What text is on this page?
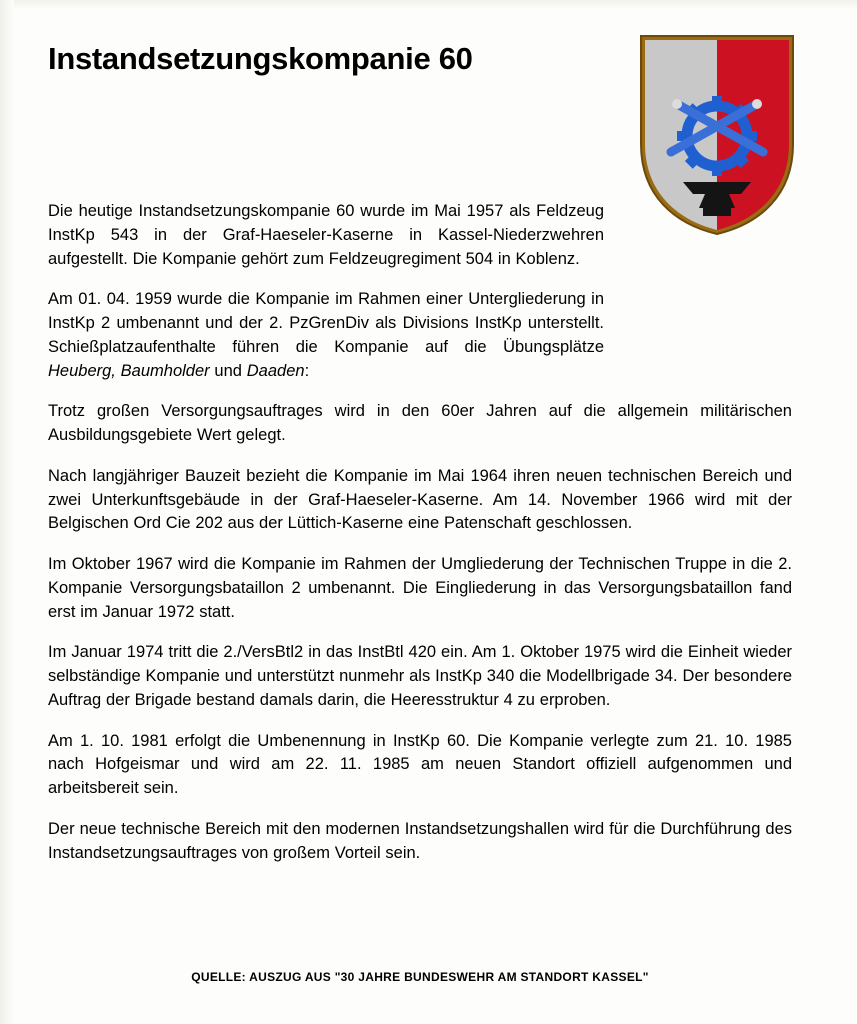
Instandsetzungskompanie 60

Die heutige Instandsetzungskompanie 60 wurde im Mai 1957 als Feldzeug InstKp 543 in der Graf-Haeseler-Kaserne in Kassel-Niederzwehren aufgestellt. Die Kompanie gehört zum Feldzeugregiment 504 in Koblenz.

Am 01. 04. 1959 wurde die Kompanie im Rahmen einer Untergliederung in InstKp 2 umbenannt und der 2. PzGrenDiv als Divisions InstKp unterstellt. Schießplatzaufenthalte führen die Kompanie auf die Übungsplätze Heuberg, Baumholder und Daaden:

Trotz großen Versorgungsauftrages wird in den 60er Jahren auf die allgemein militärischen Ausbildungsgebiete Wert gelegt.

Nach langjähriger Bauzeit bezieht die Kompanie im Mai 1964 ihren neuen technischen Bereich und zwei Unterkunftsgebäude in der Graf-Haeseler-Kaserne. Am 14. November 1966 wird mit der Belgischen Ord Cie 202 aus der Lüttich-Kaserne eine Patenschaft geschlossen.

Im Oktober 1967 wird die Kompanie im Rahmen der Umgliederung der Technischen Truppe in die 2. Kompanie Versorgungsbataillon 2 umbenannt. Die Eingliederung in das Versorgungsbataillon fand erst im Januar 1972 statt.

Im Januar 1974 tritt die 2./VersBtl2 in das InstBtl 420 ein. Am 1. Oktober 1975 wird die Einheit wieder selbständige Kompanie und unterstützt nunmehr als InstKp 340 die Modellbrigade 34. Der besondere Auftrag der Brigade bestand damals darin, die Heeresstruktur 4 zu erproben.

Am 1. 10. 1981 erfolgt die Umbenennung in InstKp 60. Die Kompanie verlegte zum 21. 10. 1985 nach Hofgeismar und wird am 22. 11. 1985 am neuen Standort offiziell aufgenommen und arbeitsbereit sein.

Der neue technische Bereich mit den modernen Instandsetzungshallen wird für die Durchführung des Instandsetzungsauftrages von großem Vorteil sein.

QUELLE: AUSZUG AUS "30 JAHRE BUNDESWEHR AM STANDORT KASSEL"
